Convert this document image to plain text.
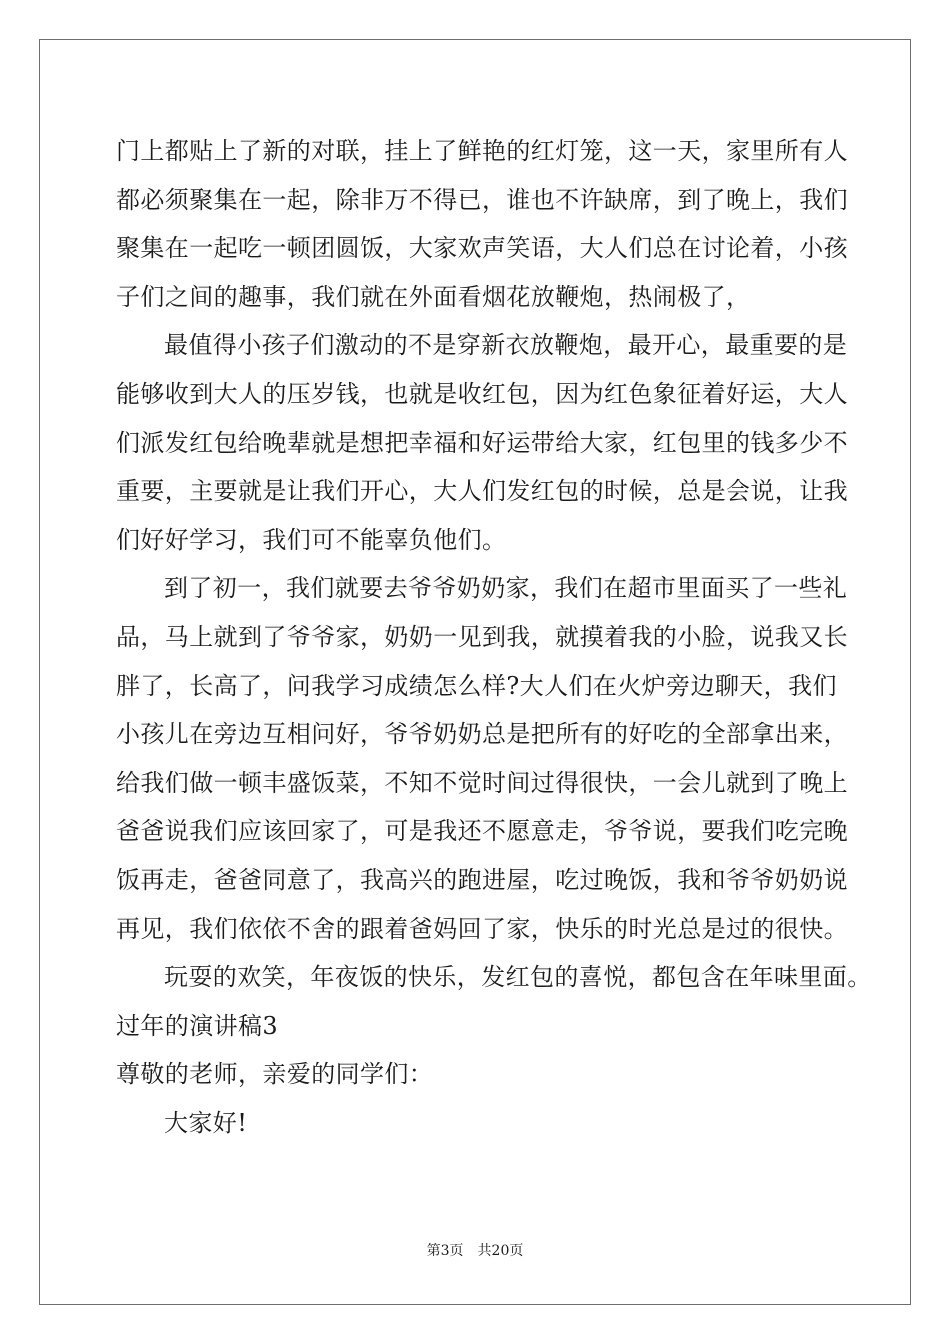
门上都贴上了新的对联，挂上了鲜艳的红灯笼，这一天，家里所有人
都必须聚集在一起，除非万不得已，谁也不许缺席，到了晚上，我们
聚集在一起吃一顿团圆饭，大家欢声笑语，大人们总在讨论着，小孩
子们之间的趣事，我们就在外面看烟花放鞭炮，热闹极了，
最值得小孩子们激动的不是穿新衣放鞭炮，最开心，最重要的是
能够收到大人的压岁钱，也就是收红包，因为红色象征着好运，大人
们派发红包给晚辈就是想把幸福和好运带给大家，红包里的钱多少不
重要，主要就是让我们开心，大人们发红包的时候，总是会说，让我
们好好学习，我们可不能辜负他们。
到了初一，我们就要去爷爷奶奶家，我们在超市里面买了一些礼
品，马上就到了爷爷家，奶奶一见到我，就摸着我的小脸，说我又长
胖了，长高了，问我学习成绩怎么样?大人们在火炉旁边聊天，我们
小孩儿在旁边互相问好，爷爷奶奶总是把所有的好吃的全部拿出来，
给我们做一顿丰盛饭菜，不知不觉时间过得很快，一会儿就到了晚上
爸爸说我们应该回家了，可是我还不愿意走，爷爷说，要我们吃完晚
饭再走，爸爸同意了，我高兴的跑进屋，吃过晚饭，我和爷爷奶奶说
再见，我们依依不舍的跟着爸妈回了家，快乐的时光总是过的很快。
玩耍的欢笑，年夜饭的快乐，发红包的喜悦，都包含在年味里面。
过年的演讲稿3
尊敬的老师，亲爱的同学们：
大家好!
第3页　共20页
